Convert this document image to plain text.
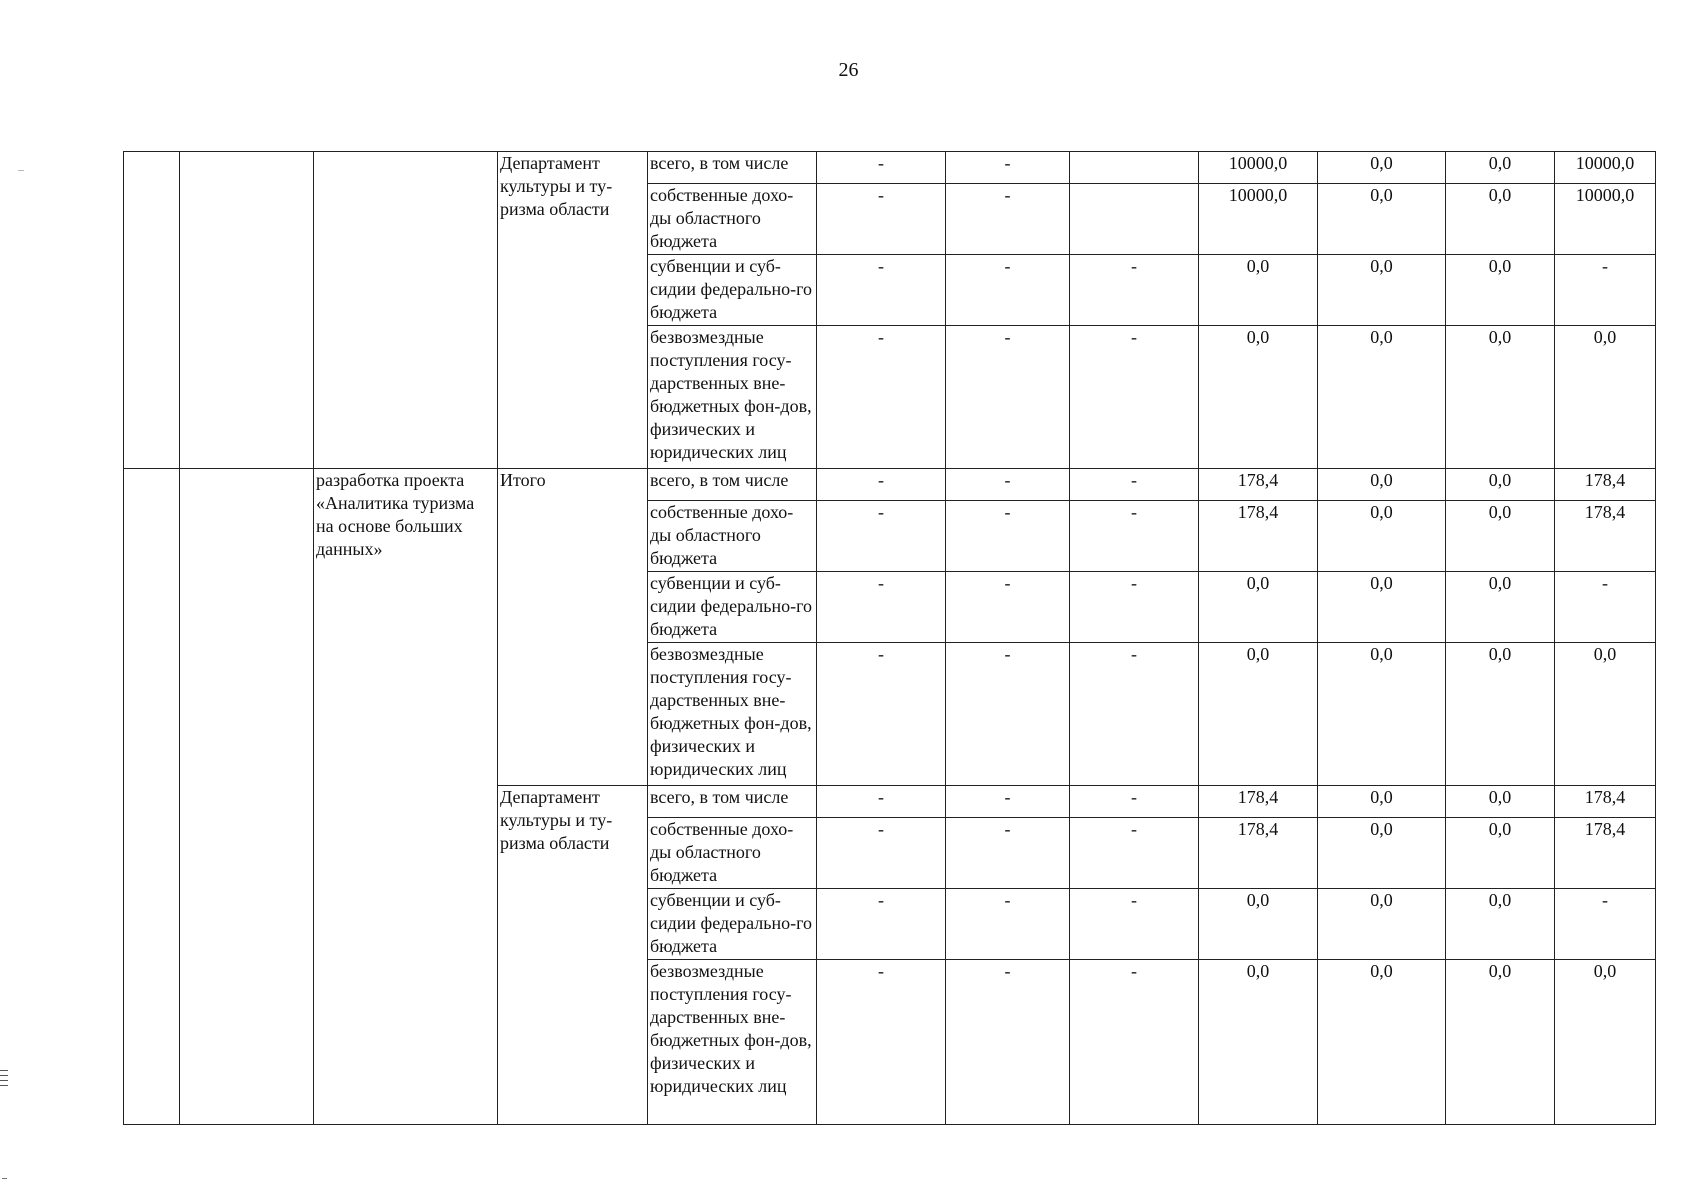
26
			Департамент культуры и ту-ризма области	всего, в том числе	-	-		10000,0	0,0	0,0	10000,0
				собственные дохо-ды областного бюджета	-	-		10000,0	0,0	0,0	10000,0
				субвенции и суб-сидии федерально-го бюджета	-	-	-	0,0	0,0	0,0	-
				безвозмездные поступления госу-дарственных вне-бюджетных фон-дов, физических и юридических лиц	-	-	-	0,0	0,0	0,0	0,0
		разработка проекта «Аналитика туризма на основе больших данных»	Итого	всего, в том числе	-	-	-	178,4	0,0	0,0	178,4
				собственные дохо-ды областного бюджета	-	-	-	178,4	0,0	0,0	178,4
				субвенции и суб-сидии федерально-го бюджета	-	-	-	0,0	0,0	0,0	-
				безвозмездные поступления госу-дарственных вне-бюджетных фон-дов, физических и юридических лиц	-	-	-	0,0	0,0	0,0	0,0
			Департамент культуры и ту-ризма области	всего, в том числе	-	-	-	178,4	0,0	0,0	178,4
				собственные дохо-ды областного бюджета	-	-	-	178,4	0,0	0,0	178,4
				субвенции и суб-сидии федерально-го бюджета	-	-	-	0,0	0,0	0,0	-
				безвозмездные поступления госу-дарственных вне-бюджетных фон-дов, физических и юридических лиц	-	-	-	0,0	0,0	0,0	0,0
